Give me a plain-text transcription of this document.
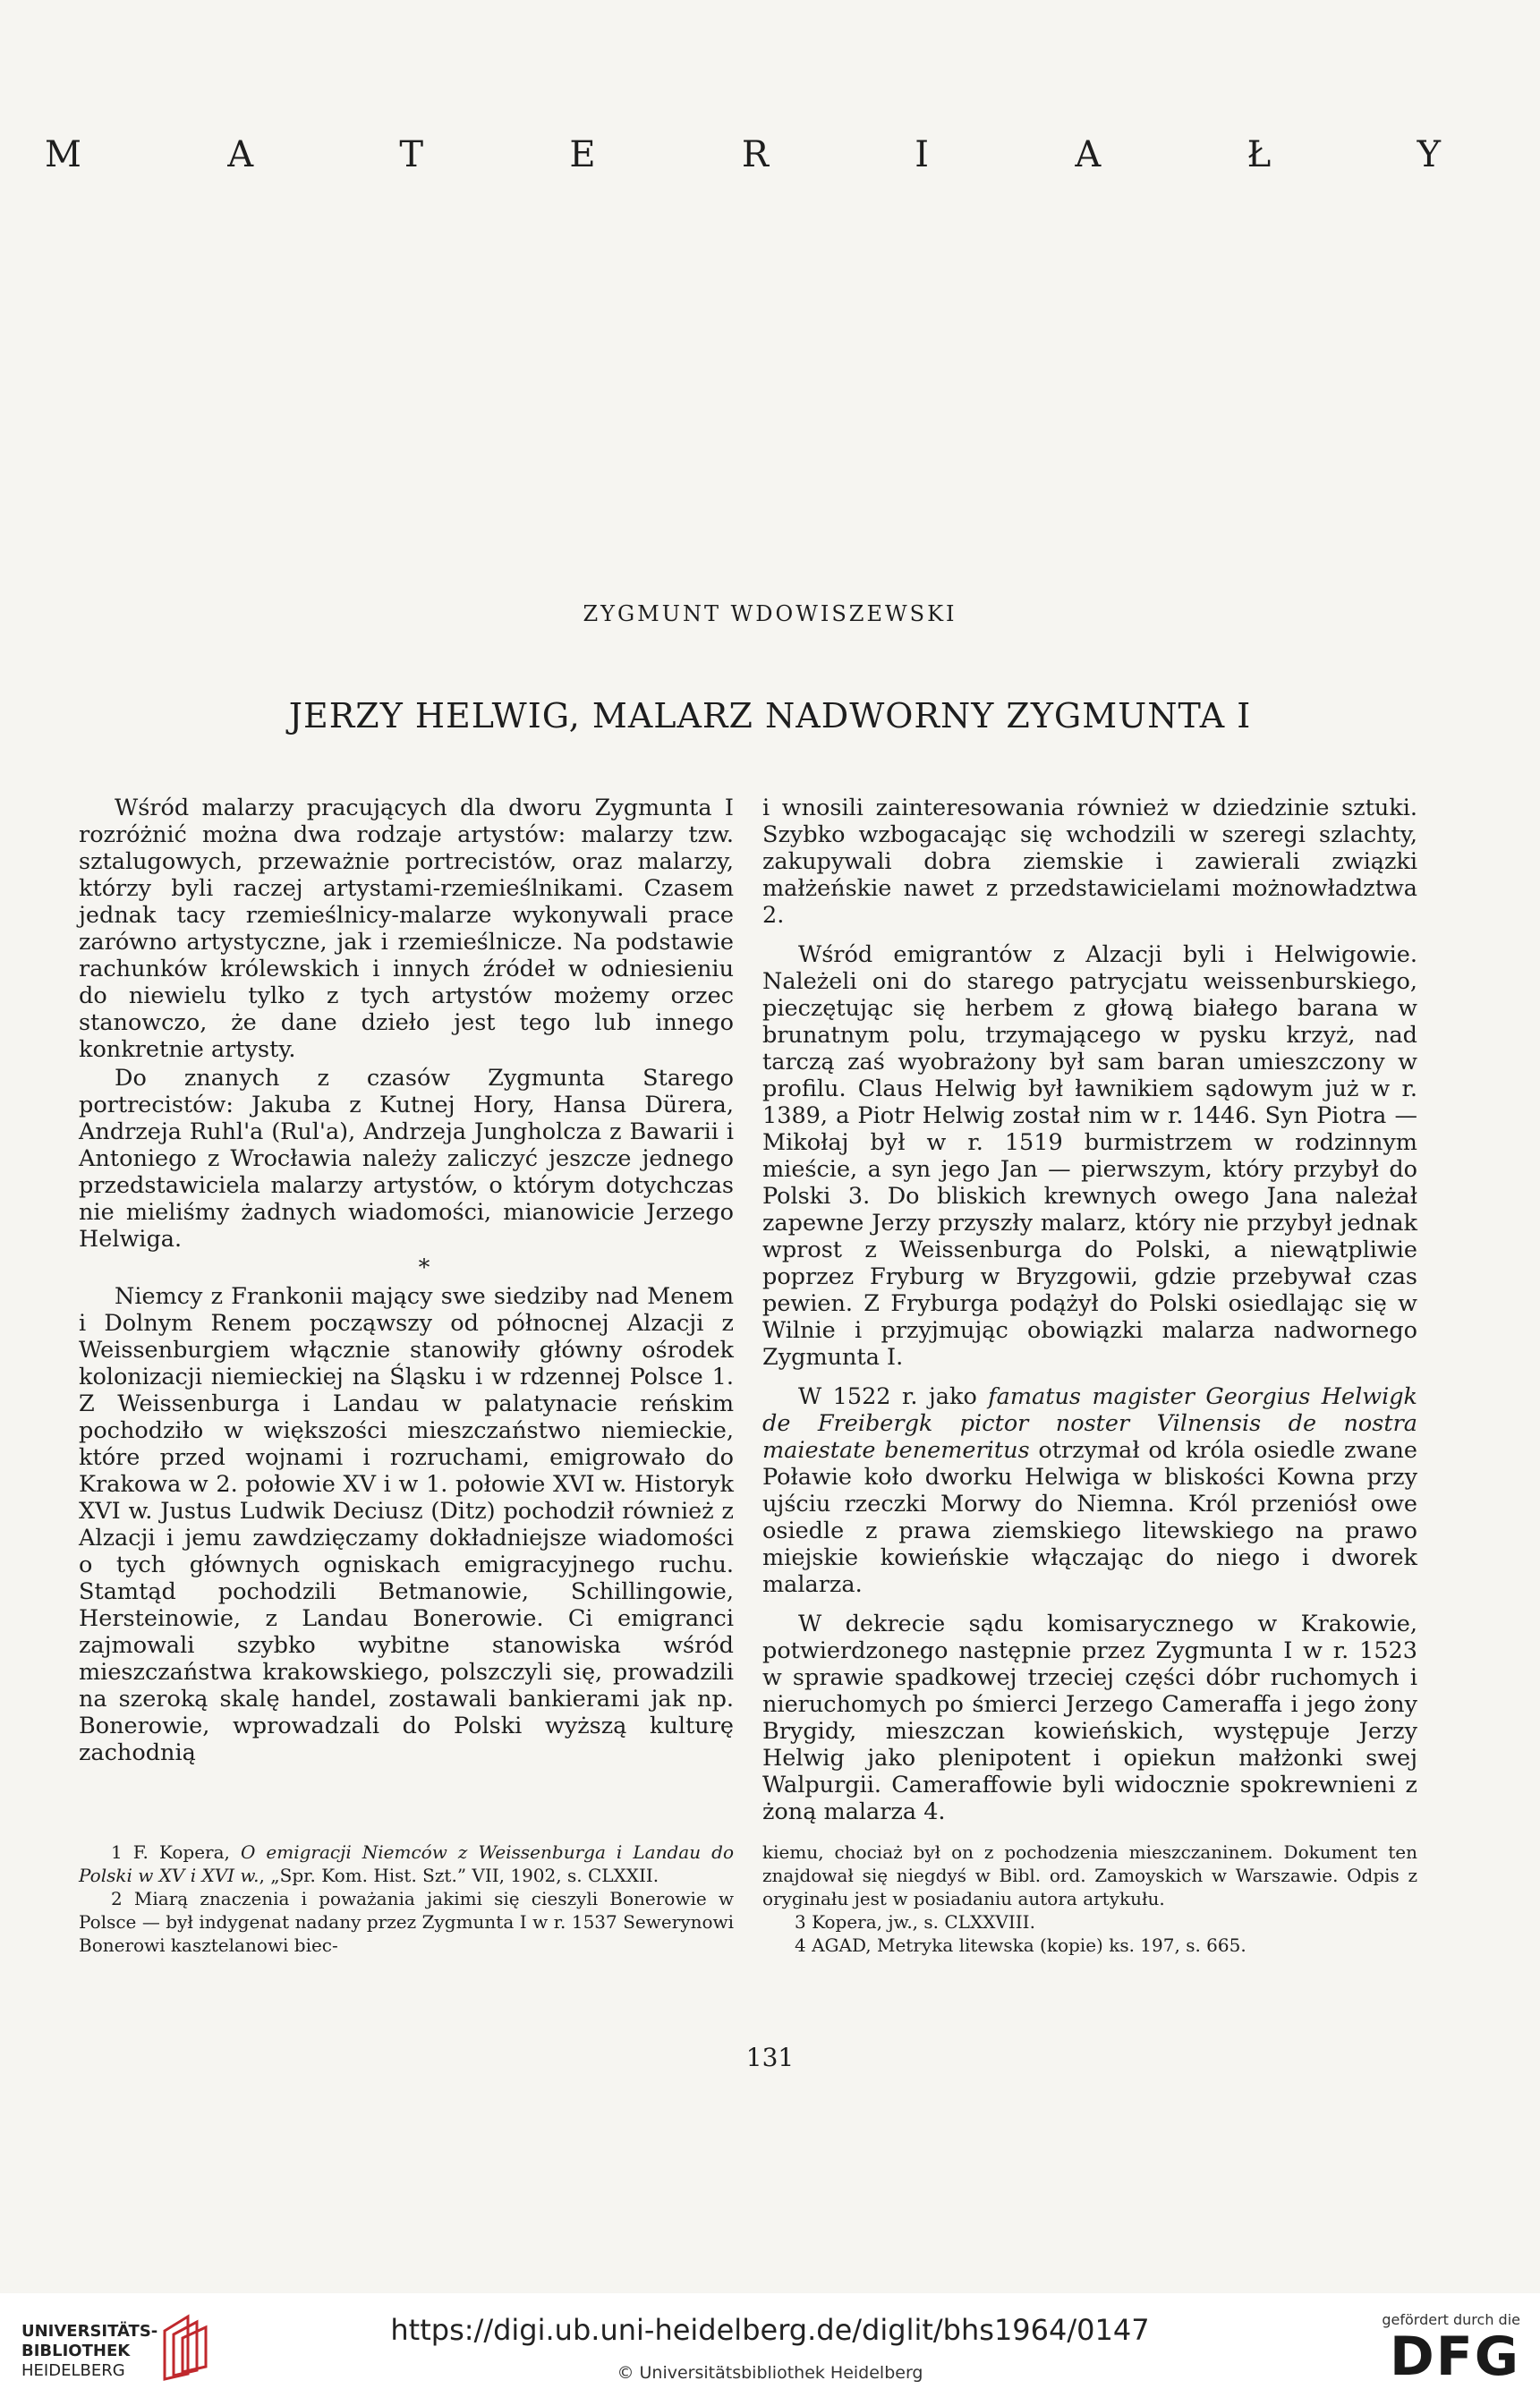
M	A	T	E	R	I	A	Ł	Y
ZYGMUNT WDOWISZEWSKI
JERZY HELWIG, MALARZ NADWORNY ZYGMUNTA I

Wśród malarzy pracujących dla dworu Zygmunta I rozróżnić można dwa rodzaje artystów: malarzy tzw. sztalugowych, przeważnie portrecistów, oraz malarzy, którzy byli raczej artystami-rzemieślnikami. Czasem jednak tacy rzemieślnicy-malarze wykonywali prace zarówno artystyczne, jak i rzemieślnicze. Na podstawie rachunków królewskich i innych źródeł w odniesieniu do niewielu tylko z tych artystów możemy orzec stanowczo, że dane dzieło jest tego lub innego konkretnie artysty.

Do znanych z czasów Zygmunta Starego portrecistów: Jakuba z Kutnej Hory, Hansa Dürera, Andrzeja Ruhl'a (Rul'a), Andrzeja Jungholcza z Bawarii i Antoniego z Wrocławia należy zaliczyć jeszcze jednego przedstawiciela malarzy artystów, o którym dotychczas nie mieliśmy żadnych wiadomości, mianowicie Jerzego Helwiga.

*

Niemcy z Frankonii mający swe siedziby nad Menem i Dolnym Renem począwszy od północnej Alzacji z Weissenburgiem włącznie stanowiły główny ośrodek kolonizacji niemieckiej na Śląsku i w rdzennej Polsce 1. Z Weissenburga i Landau w palatynacie reńskim pochodziło w większości mieszczaństwo niemieckie, które przed wojnami i rozruchami, emigrowało do Krakowa w 2. połowie XV i w 1. połowie XVI w. Historyk XVI w. Justus Ludwik Deciusz (Ditz) pochodził również z Alzacji i jemu zawdzięczamy dokładniejsze wiadomości o tych głównych ogniskach emigracyjnego ruchu. Stamtąd pochodzili Betmanowie, Schillingowie, Hersteinowie, z Landau Bonerowie. Ci emigranci zajmowali szybko wybitne stanowiska wśród mieszczaństwa krakowskiego, polszczyli się, prowadzili na szeroką skalę handel, zostawali bankierami jak np. Bonerowie, wprowadzali do Polski wyższą kulturę zachodnią

i wnosili zainteresowania również w dziedzinie sztuki. Szybko wzbogacając się wchodzili w szeregi szlachty, zakupywali dobra ziemskie i zawierali związki małżeńskie nawet z przedstawicielami możnowładztwa 2.

Wśród emigrantów z Alzacji byli i Helwigowie. Należeli oni do starego patrycjatu weissenburskiego, pieczętując się herbem z głową białego barana w brunatnym polu, trzymającego w pysku krzyż, nad tarczą zaś wyobrażony był sam baran umieszczony w profilu. Claus Helwig był ławnikiem sądowym już w r. 1389, a Piotr Helwig został nim w r. 1446. Syn Piotra — Mikołaj był w r. 1519 burmistrzem w rodzinnym mieście, a syn jego Jan — pierwszym, który przybył do Polski 3. Do bliskich krewnych owego Jana należał zapewne Jerzy przyszły malarz, który nie przybył jednak wprost z Weissenburga do Polski, a niewątpliwie poprzez Fryburg w Bryzgowii, gdzie przebywał czas pewien. Z Fryburga podążył do Polski osiedlając się w Wilnie i przyjmując obowiązki malarza nadwornego Zygmunta I.

W 1522 r. jako famatus magister Georgius Helwigk de Freibergk pictor noster Vilnensis de nostra maiestate benemeritus otrzymał od króla osiedle zwane Poławie koło dworku Helwiga w bliskości Kowna przy ujściu rzeczki Morwy do Niemna. Król przeniósł owe osiedle z prawa ziemskiego litewskiego na prawo miejskie kowieńskie włączając do niego i dworek malarza.

W dekrecie sądu komisarycznego w Krakowie, potwierdzonego następnie przez Zygmunta I w r. 1523 w sprawie spadkowej trzeciej części dóbr ruchomych i nieruchomych po śmierci Jerzego Cameraffa i jego żony Brygidy, mieszczan kowieńskich, występuje Jerzy Helwig jako plenipotent i opiekun małżonki swej Walpurgii. Cameraffowie byli widocznie spokrewnieni z żoną malarza 4.

1 F. Kopera, O emigracji Niemców z Weissenburga i Landau do Polski w XV i XVI w., „Spr. Kom. Hist. Szt.” VII, 1902, s. CLXXII.
2 Miarą znaczenia i poważania jakimi się cieszyli Bonerowie w Polsce — był indygenat nadany przez Zygmunta I w r. 1537 Sewerynowi Bonerowi kasztelanowi biec-
kiemu, chociaż był on z pochodzenia mieszczaninem. Dokument ten znajdował się niegdyś w Bibl. ord. Zamoyskich w Warszawie. Odpis z oryginału jest w posiadaniu autora artykułu.
3 Kopera, jw., s. CLXXVIII.
4 AGAD, Metryka litewska (kopie) ks. 197, s. 665.
131
UNIVERSITÄTS-
BIBLIOTHEK
HEIDELBERG
https://digi.ub.uni-heidelberg.de/diglit/bhs1964/0147
© Universitätsbibliothek Heidelberg
gefördert durch die
DFG
